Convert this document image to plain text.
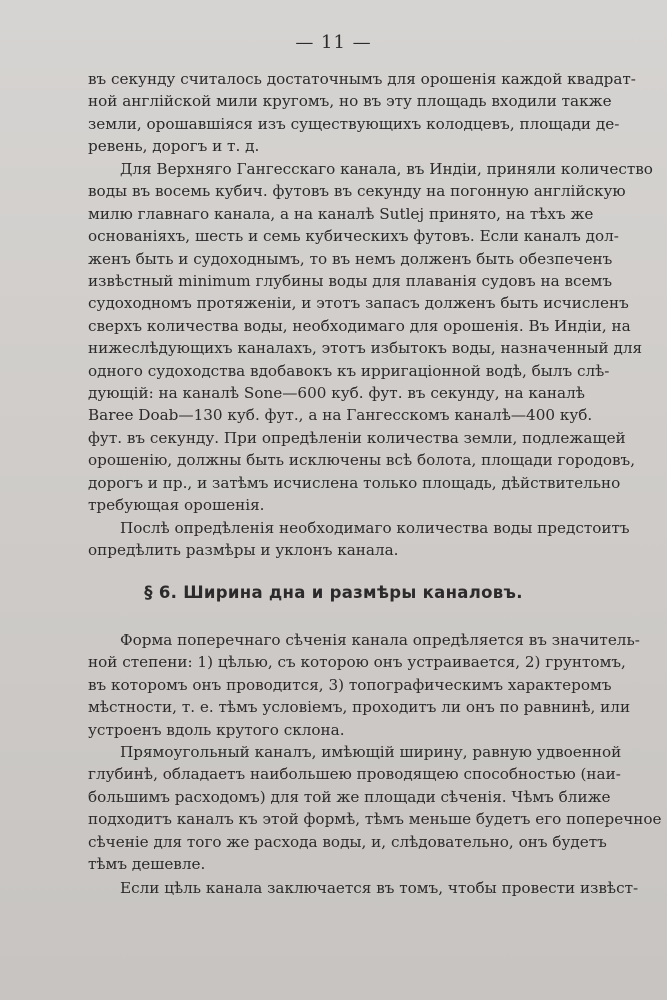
— 11 —

въ секунду считалось достаточнымъ для орошенія каждой квадрат-
ной англійской мили кругомъ, но въ эту площадь входили также
земли, орошавшіяся изъ существующихъ колодцевъ, площади де-
ревень, дорогъ и т. д.

Для Верхняго Гангесскаго канала, въ Индіи, приняли количество
воды въ восемь кубич. футовъ въ секунду на погонную англійскую
милю главнаго канала, а на каналѣ Sutlej принято, на тѣхъ же
основаніяхъ, шесть и семь кубическихъ футовъ. Если каналъ дол-
женъ быть и судоходнымъ, то въ немъ долженъ быть обезпеченъ
извѣстный minimum глубины воды для плаванія судовъ на всемъ
судоходномъ протяженіи, и этотъ запасъ долженъ быть исчисленъ
сверхъ количества воды, необходимаго для орошенія. Въ Индіи, на
нижеслѣдующихъ каналахъ, этотъ избытокъ воды, назначенный для
одного судоходства вдобавокъ къ ирригаціонной водѣ, былъ слѣ-
дующій: на каналѣ Sone—600 куб. фут. въ секунду, на каналѣ
Baree Doab—130 куб. фут., а на Гангесскомъ каналѣ—400 куб.
фут. въ секунду. При опредѣленіи количества земли, подлежащей
орошенію, должны быть исключены всѣ болота, площади городовъ,
дорогъ и пр., и затѣмъ исчислена только площадь, дѣйствительно
требующая орошенія.

Послѣ опредѣленія необходимаго количества воды предстоитъ
опредѣлить размѣры и уклонъ канала.

§ 6. Ширина дна и размѣры каналовъ.

Форма поперечнаго сѣченія канала опредѣляется въ значитель-
ной степени: 1) цѣлью, съ которою онъ устраивается, 2) грунтомъ,
въ которомъ онъ проводится, 3) топографическимъ характеромъ
мѣстности, т. е. тѣмъ условіемъ, проходитъ ли онъ по равнинѣ, или
устроенъ вдоль крутого склона.

Прямоугольный каналъ, имѣющій ширину, равную удвоенной
глубинѣ, обладаетъ наибольшею проводящею способностью (наи-
большимъ расходомъ) для той же площади сѣченія. Чѣмъ ближе
подходитъ каналъ къ этой формѣ, тѣмъ меньше будетъ его поперечное
сѣченіе для того же расхода воды, и, слѣдовательно, онъ будетъ
тѣмъ дешевле.

Если цѣль канала заключается въ томъ, чтобы провести извѣст-
